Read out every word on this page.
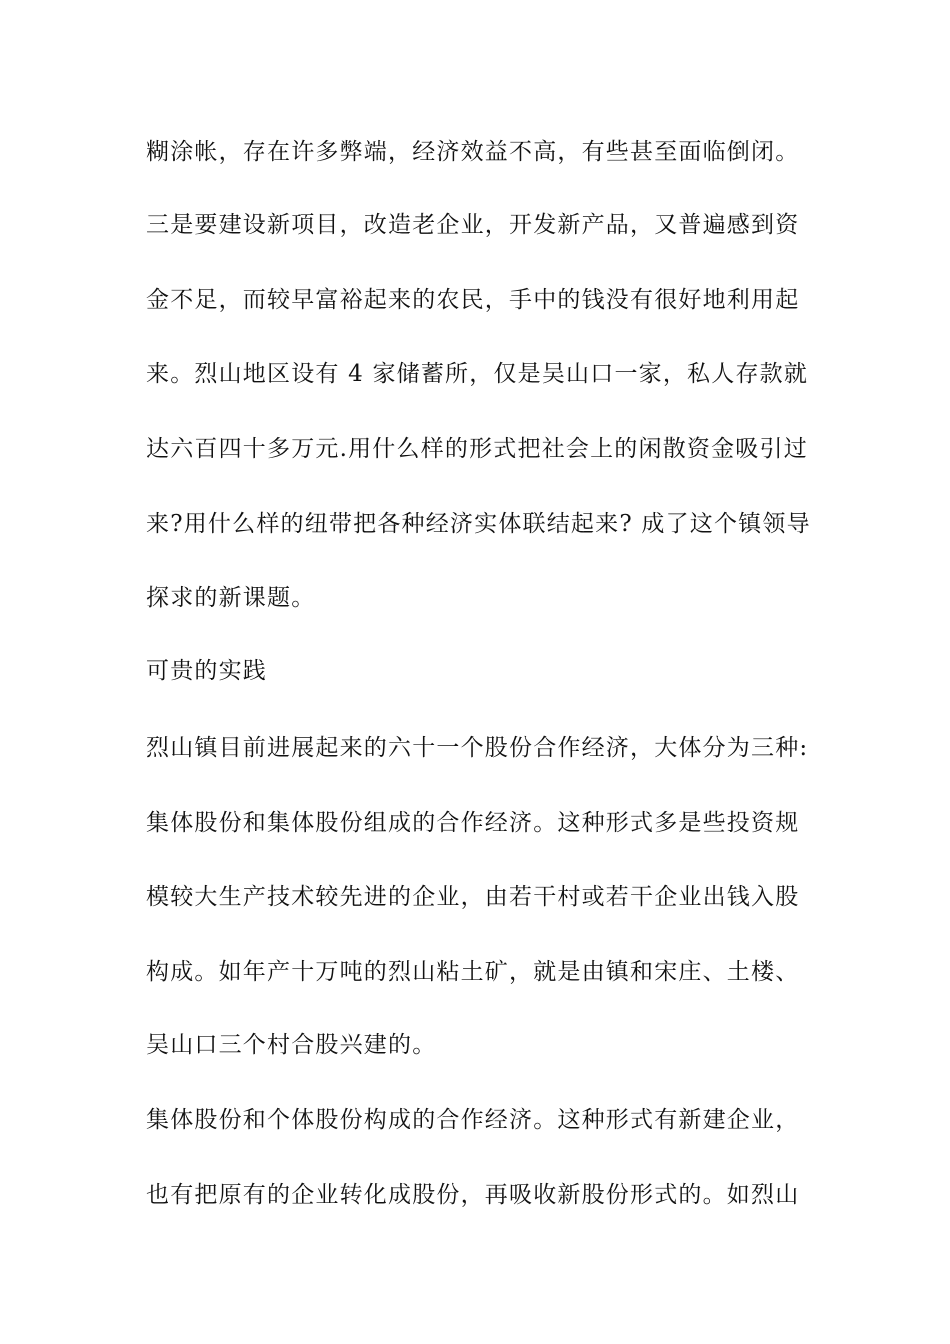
糊涂帐，存在许多弊端，经济效益不高，有些甚至面临倒闭。
三是要建设新项目，改造老企业，开发新产品，又普遍感到资
金不足，而较早富裕起来的农民，手中的钱没有很好地利用起
来。烈山地区设有 4 家储蓄所，仅是吴山口一家，私人存款就
达六百四十多万元.用什么样的形式把社会上的闲散资金吸引过
来?用什么样的纽带把各种经济实体联结起来? 成了这个镇领导
探求的新课题。
可贵的实践
烈山镇目前进展起来的六十一个股份合作经济，大体分为三种:
集体股份和集体股份组成的合作经济。这种形式多是些投资规
模较大生产技术较先进的企业，由若干村或若干企业出钱入股
构成。如年产十万吨的烈山粘土矿，就是由镇和宋庄、土楼、
吴山口三个村合股兴建的。
集体股份和个体股份构成的合作经济。这种形式有新建企业，
也有把原有的企业转化成股份，再吸收新股份形式的。如烈山
